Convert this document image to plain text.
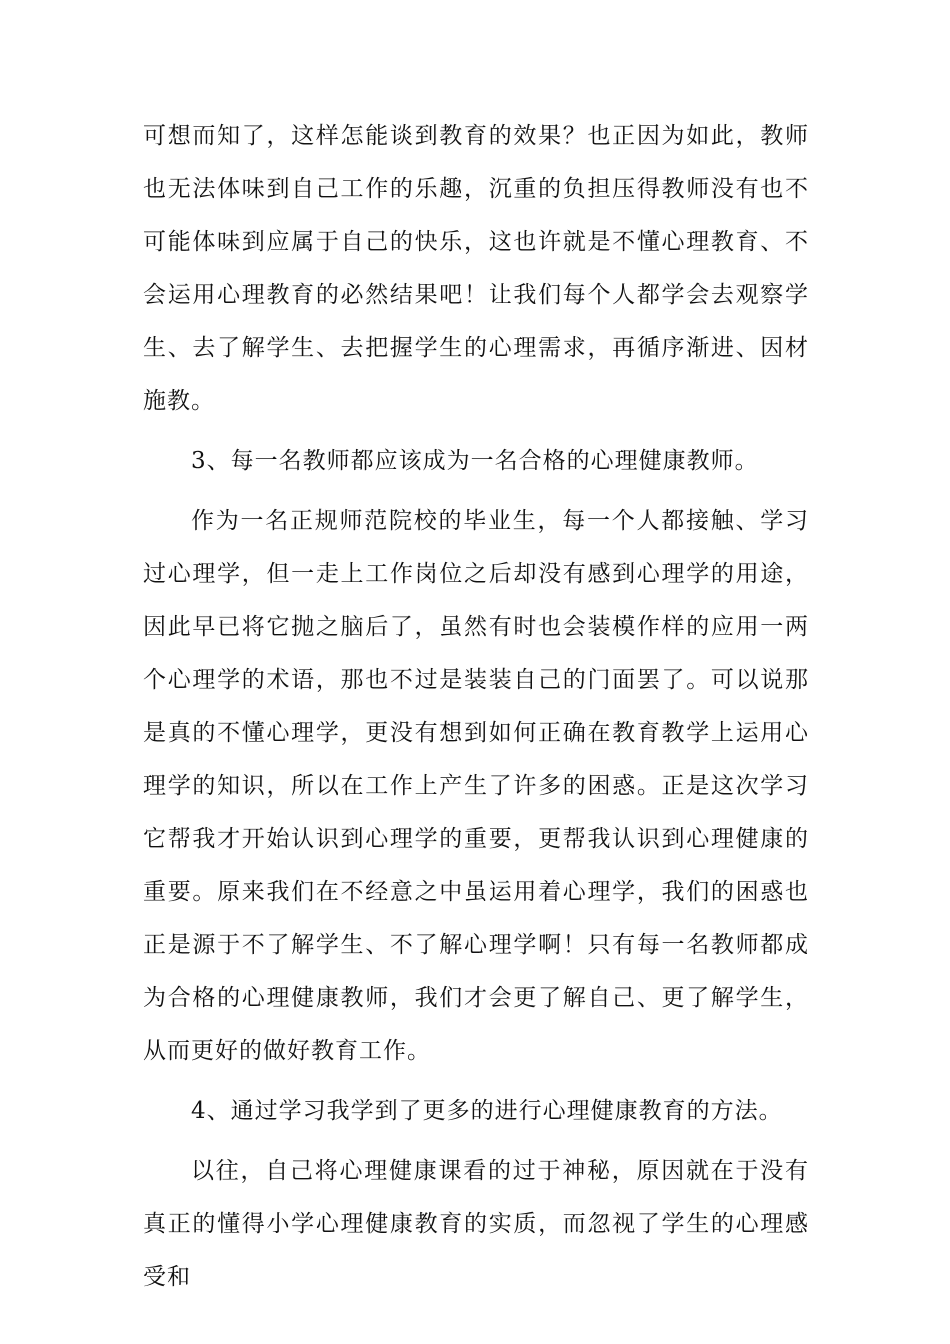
可想而知了，这样怎能谈到教育的效果？也正因为如此，教师也无法体味到自己工作的乐趣，沉重的负担压得教师没有也不可能体味到应属于自己的快乐，这也许就是不懂心理教育、不会运用心理教育的必然结果吧！让我们每个人都学会去观察学生、去了解学生、去把握学生的心理需求，再循序渐进、因材施教。

3、每一名教师都应该成为一名合格的心理健康教师。

作为一名正规师范院校的毕业生，每一个人都接触、学习过心理学，但一走上工作岗位之后却没有感到心理学的用途，因此早已将它抛之脑后了，虽然有时也会装模作样的应用一两个心理学的术语，那也不过是装装自己的门面罢了。可以说那是真的不懂心理学，更没有想到如何正确在教育教学上运用心理学的知识，所以在工作上产生了许多的困惑。正是这次学习它帮我才开始认识到心理学的重要，更帮我认识到心理健康的重要。原来我们在不经意之中虽运用着心理学，我们的困惑也正是源于不了解学生、不了解心理学啊！只有每一名教师都成为合格的心理健康教师，我们才会更了解自己、更了解学生，从而更好的做好教育工作。

4、通过学习我学到了更多的进行心理健康教育的方法。

以往，自己将心理健康课看的过于神秘，原因就在于没有真正的懂得小学心理健康教育的实质，而忽视了学生的心理感受和
